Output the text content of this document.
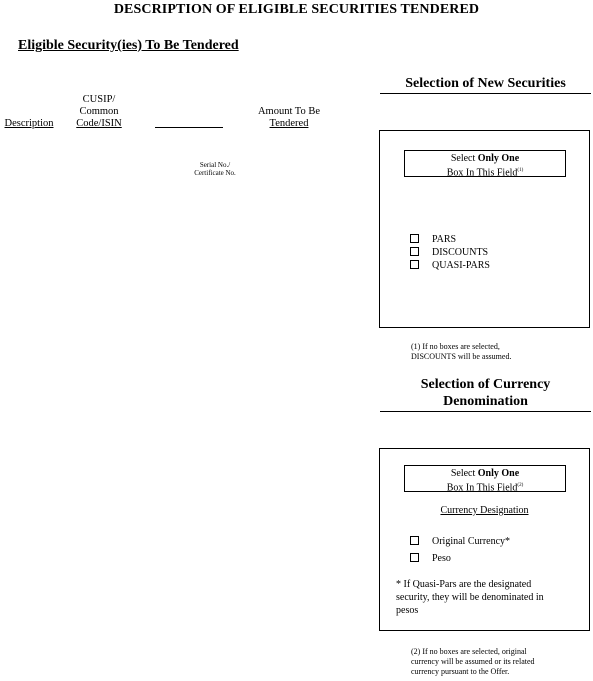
DESCRIPTION OF ELIGIBLE SECURITIES TENDERED
Eligible Security(ies) To Be Tendered
Description
CUSIP/
Common
Code/ISIN
Amount To Be
Tendered
Serial No./
Certificate No.
Selection of New Securities
Select Only One
Box In This Field$^{(1)}$
PARS
DISCOUNTS
QUASI-PARS
(1) If no boxes are selected,
DISCOUNTS will be assumed.
Selection of Currency
Denomination
Select Only One
Box In This Field$^{(2)}$
Currency Designation
Original Currency*
Peso
* If Quasi-Pars are the designated
security, they will be denominated in
pesos
(2) If no boxes are selected, original
currency will be assumed or its related
currency pursuant to the Offer.
